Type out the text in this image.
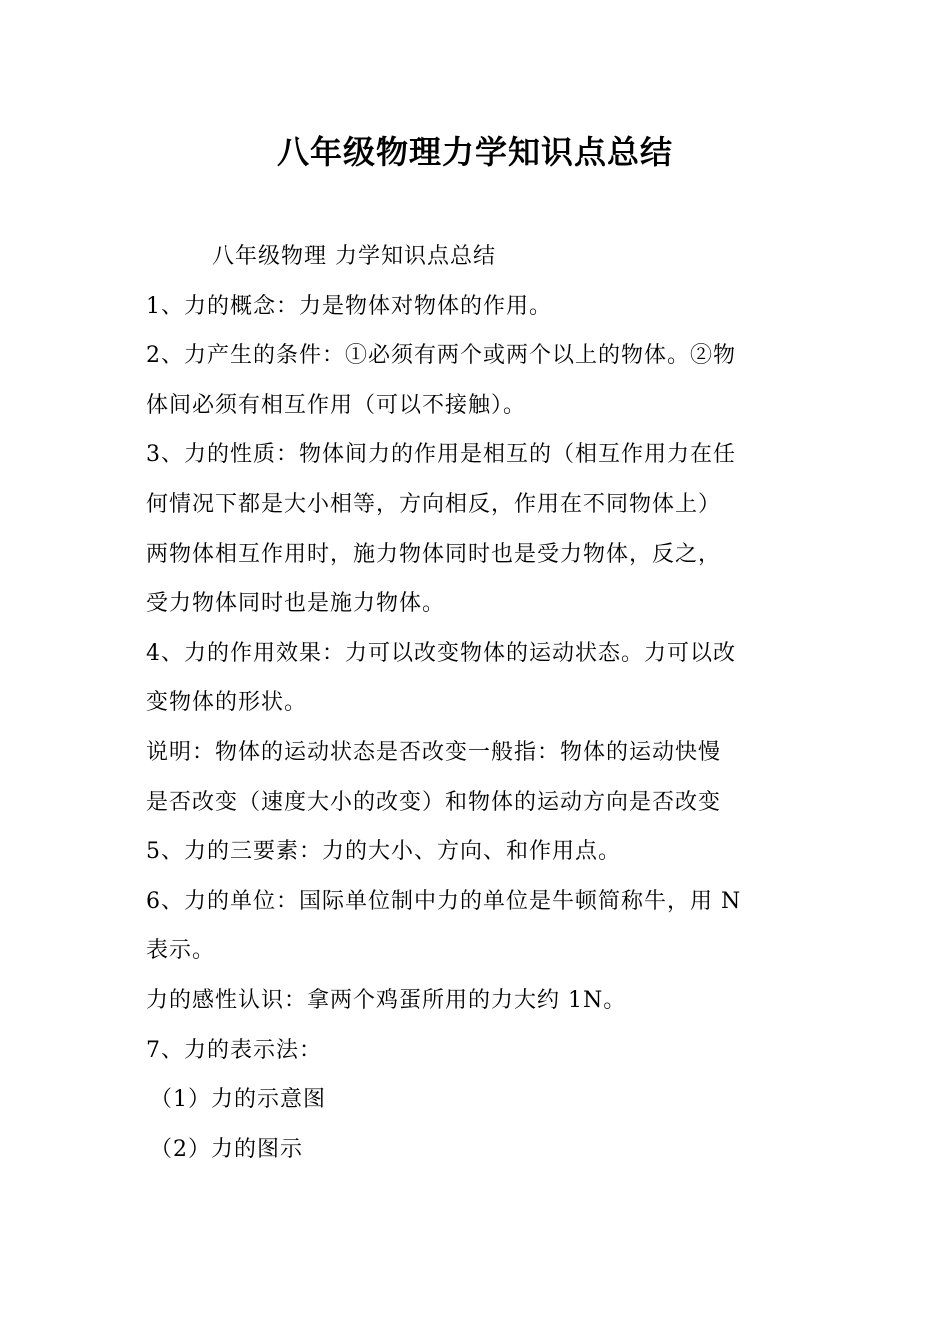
八年级物理力学知识点总结
八年级物理 力学知识点总结
1、力的概念：力是物体对物体的作用。
2、力产生的条件：①必须有两个或两个以上的物体。②物
体间必须有相互作用（可以不接触）。
3、力的性质：物体间力的作用是相互的（相互作用力在任
何情况下都是大小相等，方向相反，作用在不同物体上）
两物体相互作用时，施力物体同时也是受力物体，反之，
受力物体同时也是施力物体。
4、力的作用效果：力可以改变物体的运动状态。力可以改
变物体的形状。
说明：物体的运动状态是否改变一般指：物体的运动快慢
是否改变（速度大小的改变）和物体的运动方向是否改变
5、力的三要素：力的大小、方向、和作用点。
6、力的单位：国际单位制中力的单位是牛顿简称牛，用 N
表示。
力的感性认识：拿两个鸡蛋所用的力大约 1N。
7、力的表示法：
（1）力的示意图
（2）力的图示
